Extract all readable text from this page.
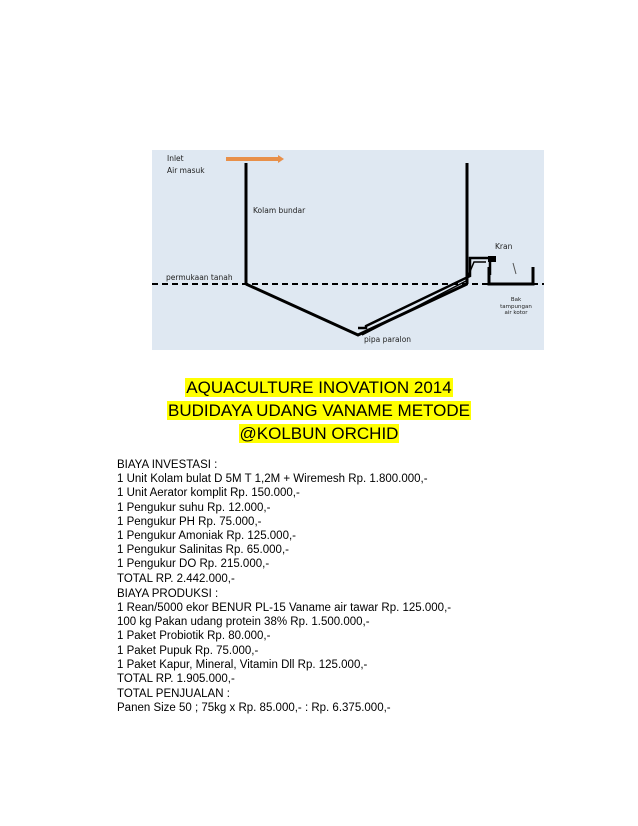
Inlet
Air masuk
Kolam bundar
permukaan tanah
pipa paralon
Kran
Bak
tampungan
air kotor
AQUACULTURE INOVATION 2014
BUDIDAYA UDANG VANAME METODE
@KOLBUN ORCHID
BIAYA INVESTASI :
1 Unit Kolam bulat D 5M T 1,2M + Wiremesh Rp. 1.800.000,-
1 Unit Aerator komplit Rp. 150.000,-
1 Pengukur suhu Rp. 12.000,-
1 Pengukur PH Rp. 75.000,-
1 Pengukur Amoniak Rp. 125.000,-
1 Pengukur Salinitas Rp. 65.000,-
1 Pengukur DO Rp. 215.000,-
TOTAL RP. 2.442.000,-
BIAYA PRODUKSI :
1 Rean/5000 ekor BENUR PL-15 Vaname air tawar Rp. 125.000,-
100 kg Pakan udang protein 38% Rp. 1.500.000,-
1 Paket Probiotik Rp. 80.000,-
1 Paket Pupuk Rp. 75.000,-
1 Paket Kapur, Mineral, Vitamin Dll Rp. 125.000,-
TOTAL RP. 1.905.000,-
TOTAL PENJUALAN :
Panen Size 50 ; 75kg x Rp. 85.000,- : Rp. 6.375.000,-
